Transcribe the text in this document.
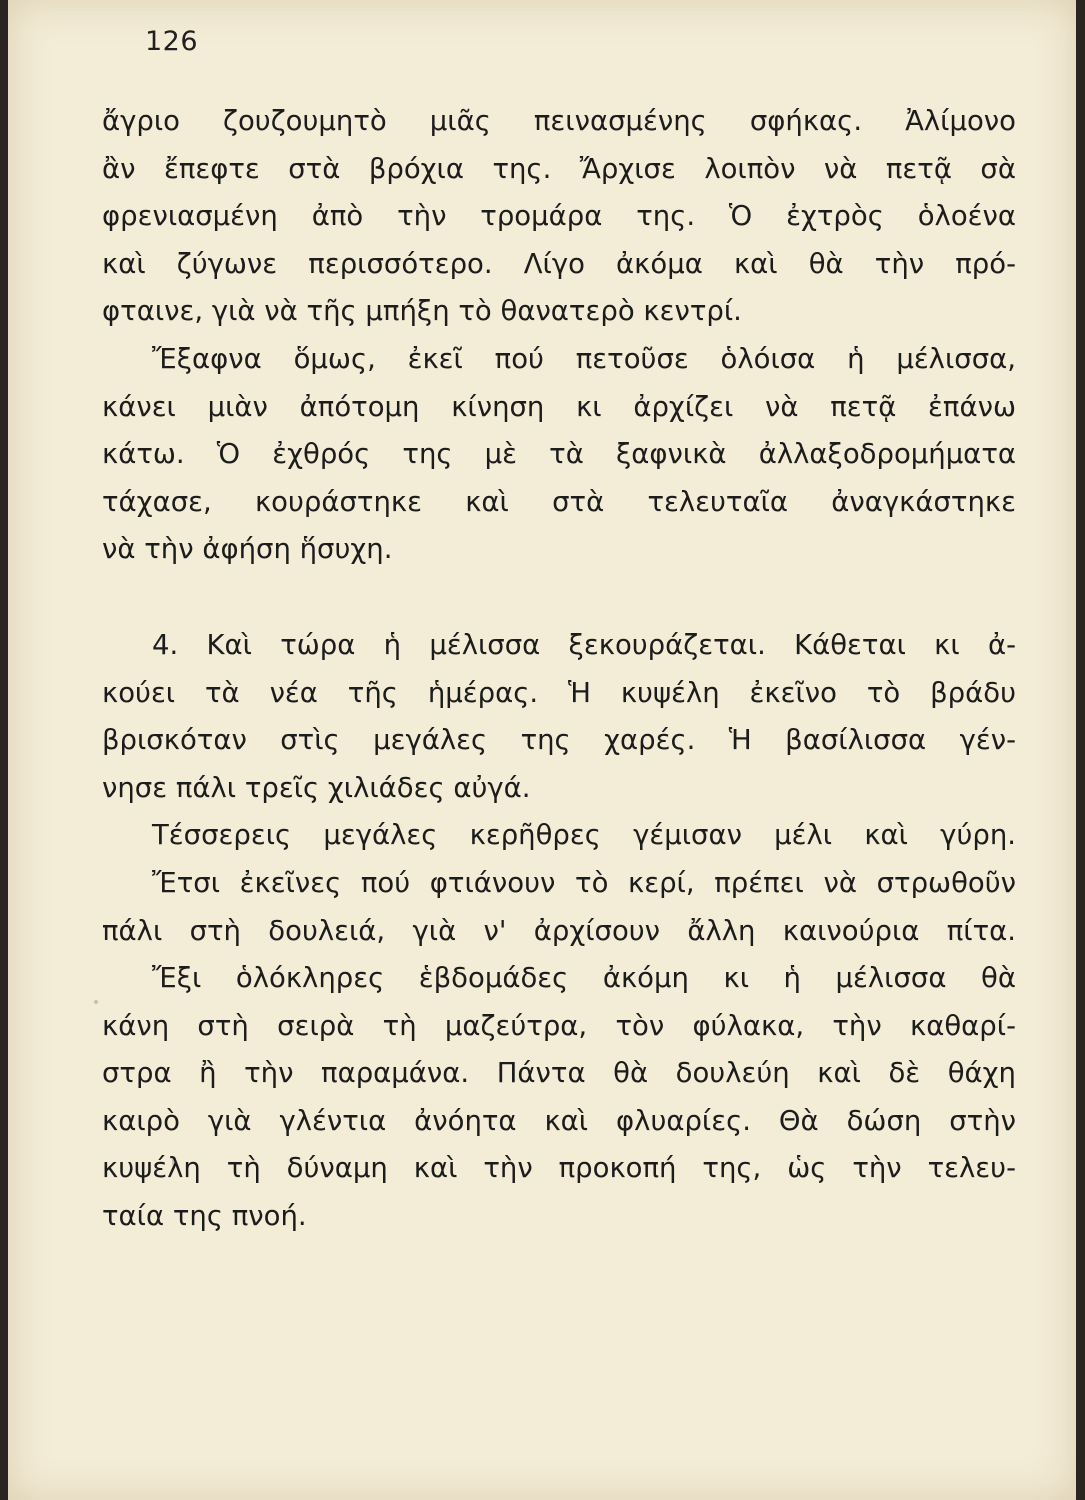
126
ἄγριο ζουζουμητὸ μιᾶς πεινασμένης σφήκας. Ἀλίμονο
ἂν ἔπεφτε στὰ βρόχια της. Ἄρχισε λοιπὸν νὰ πετᾷ σὰ
φρενιασμένη ἀπὸ τὴν τρομάρα της. Ὁ ἐχτρὸς ὁλοένα
καὶ ζύγωνε περισσότερο. Λίγο ἀκόμα καὶ θὰ τὴν πρό-
φταινε, γιὰ νὰ τῆς μπήξη τὸ θανατερὸ κεντρί.
Ἔξαφνα ὅμως, ἐκεῖ πού πετοῦσε ὁλόισα ἡ μέλισσα,
κάνει μιὰν ἀπότομη κίνηση κι ἀρχίζει νὰ πετᾷ ἐπάνω
κάτω. Ὁ ἐχθρός της μὲ τὰ ξαφνικὰ ἀλλαξοδρομήματα
τάχασε, κουράστηκε καὶ στὰ τελευταῖα ἀναγκάστηκε
νὰ τὴν ἀφήση ἥσυχη.
4. Καὶ τώρα ἡ μέλισσα ξεκουράζεται. Κάθεται κι ἀ-
κούει τὰ νέα τῆς ἡμέρας. Ἡ κυψέλη ἐκεῖνο τὸ βράδυ
βρισκόταν στὶς μεγάλες της χαρές. Ἡ βασίλισσα γέν-
νησε πάλι τρεῖς χιλιάδες αὐγά.
Τέσσερεις μεγάλες κερῆθρες γέμισαν μέλι καὶ γύρη.
Ἔτσι ἐκεῖνες πού φτιάνουν τὸ κερί, πρέπει νὰ στρωθοῦν
πάλι στὴ δουλειά, γιὰ ν' ἀρχίσουν ἄλλη καινούρια πίτα.
Ἔξι ὁλόκληρες ἑβδομάδες ἀκόμη κι ἡ μέλισσα θὰ
κάνη στὴ σειρὰ τὴ μαζεύτρα, τὸν φύλακα, τὴν καθαρί-
στρα ἢ τὴν παραμάνα. Πάντα θὰ δουλεύη καὶ δὲ θάχη
καιρὸ γιὰ γλέντια ἀνόητα καὶ φλυαρίες. Θὰ δώση στὴν
κυψέλη τὴ δύναμη καὶ τὴν προκοπή της, ὡς τὴν τελευ-
ταία της πνοή.
